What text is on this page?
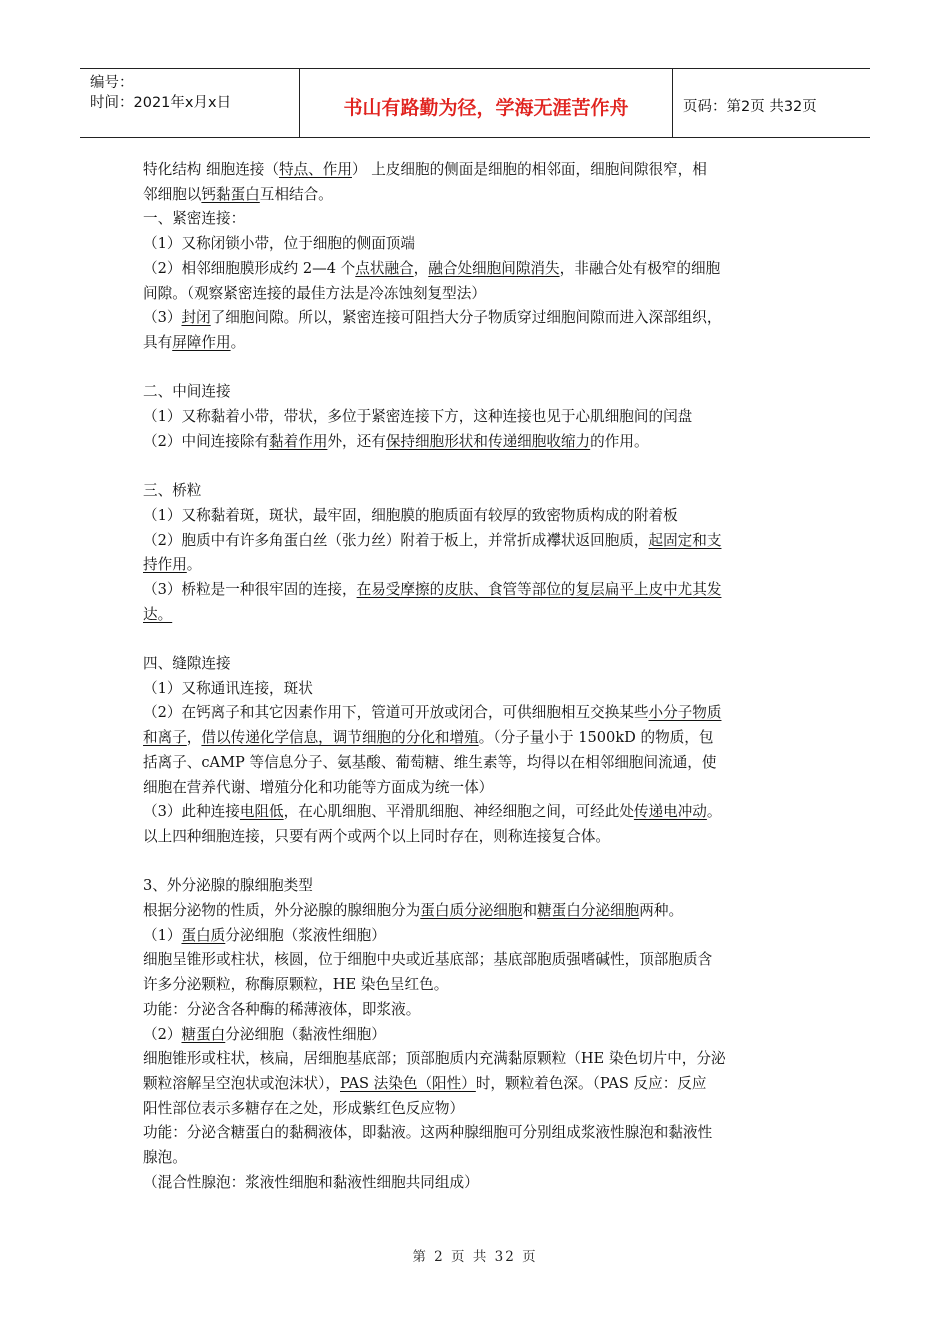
编号：
时间：2021年x月x日	书山有路勤为径，学海无涯苦作舟	页码：第2页 共32页

特化结构 细胞连接（特点、作用） 上皮细胞的侧面是细胞的相邻面，细胞间隙很窄，相

邻细胞以钙黏蛋白互相结合。

一、紧密连接：

（1）又称闭锁小带，位于细胞的侧面顶端

（2）相邻细胞膜形成约 2—4 个点状融合，融合处细胞间隙消失，非融合处有极窄的细胞

间隙。（观察紧密连接的最佳方法是冷冻蚀刻复型法）

（3）封闭了细胞间隙。所以，紧密连接可阻挡大分子物质穿过细胞间隙而进入深部组织，

具有屏障作用。

二、中间连接

（1）又称黏着小带，带状，多位于紧密连接下方，这种连接也见于心肌细胞间的闰盘

（2）中间连接除有黏着作用外，还有保持细胞形状和传递细胞收缩力的作用。

三、桥粒

（1）又称黏着斑，斑状，最牢固，细胞膜的胞质面有较厚的致密物质构成的附着板

（2）胞质中有许多角蛋白丝（张力丝）附着于板上，并常折成襻状返回胞质，起固定和支

持作用。

（3）桥粒是一种很牢固的连接，在易受摩擦的皮肤、食管等部位的复层扁平上皮中尤其发

达。

四、缝隙连接

（1）又称通讯连接，斑状

（2）在钙离子和其它因素作用下，管道可开放或闭合，可供细胞相互交换某些小分子物质

和离子，借以传递化学信息，调节细胞的分化和增殖。（分子量小于 1500kD 的物质，包

括离子、cAMP 等信息分子、氨基酸、葡萄糖、维生素等，均得以在相邻细胞间流通，使

细胞在营养代谢、增殖分化和功能等方面成为统一体）

（3）此种连接电阻低，在心肌细胞、平滑肌细胞、神经细胞之间，可经此处传递电冲动。

以上四种细胞连接，只要有两个或两个以上同时存在，则称连接复合体。

3、外分泌腺的腺细胞类型

根据分泌物的性质，外分泌腺的腺细胞分为蛋白质分泌细胞和糖蛋白分泌细胞两种。

（1）蛋白质分泌细胞（浆液性细胞）

细胞呈锥形或柱状，核圆，位于细胞中央或近基底部；基底部胞质强嗜碱性，顶部胞质含

许多分泌颗粒，称酶原颗粒，HE 染色呈红色。

功能：分泌含各种酶的稀薄液体，即浆液。

（2）糖蛋白分泌细胞（黏液性细胞）

细胞锥形或柱状，核扁，居细胞基底部；顶部胞质内充满黏原颗粒（HE 染色切片中，分泌

颗粒溶解呈空泡状或泡沫状），PAS 法染色（阳性）时，颗粒着色深。（PAS 反应：反应

阳性部位表示多糖存在之处，形成紫红色反应物）

功能：分泌含糖蛋白的黏稠液体，即黏液。这两种腺细胞可分别组成浆液性腺泡和黏液性

腺泡。

（混合性腺泡：浆液性细胞和黏液性细胞共同组成）

第 2 页 共 32 页
